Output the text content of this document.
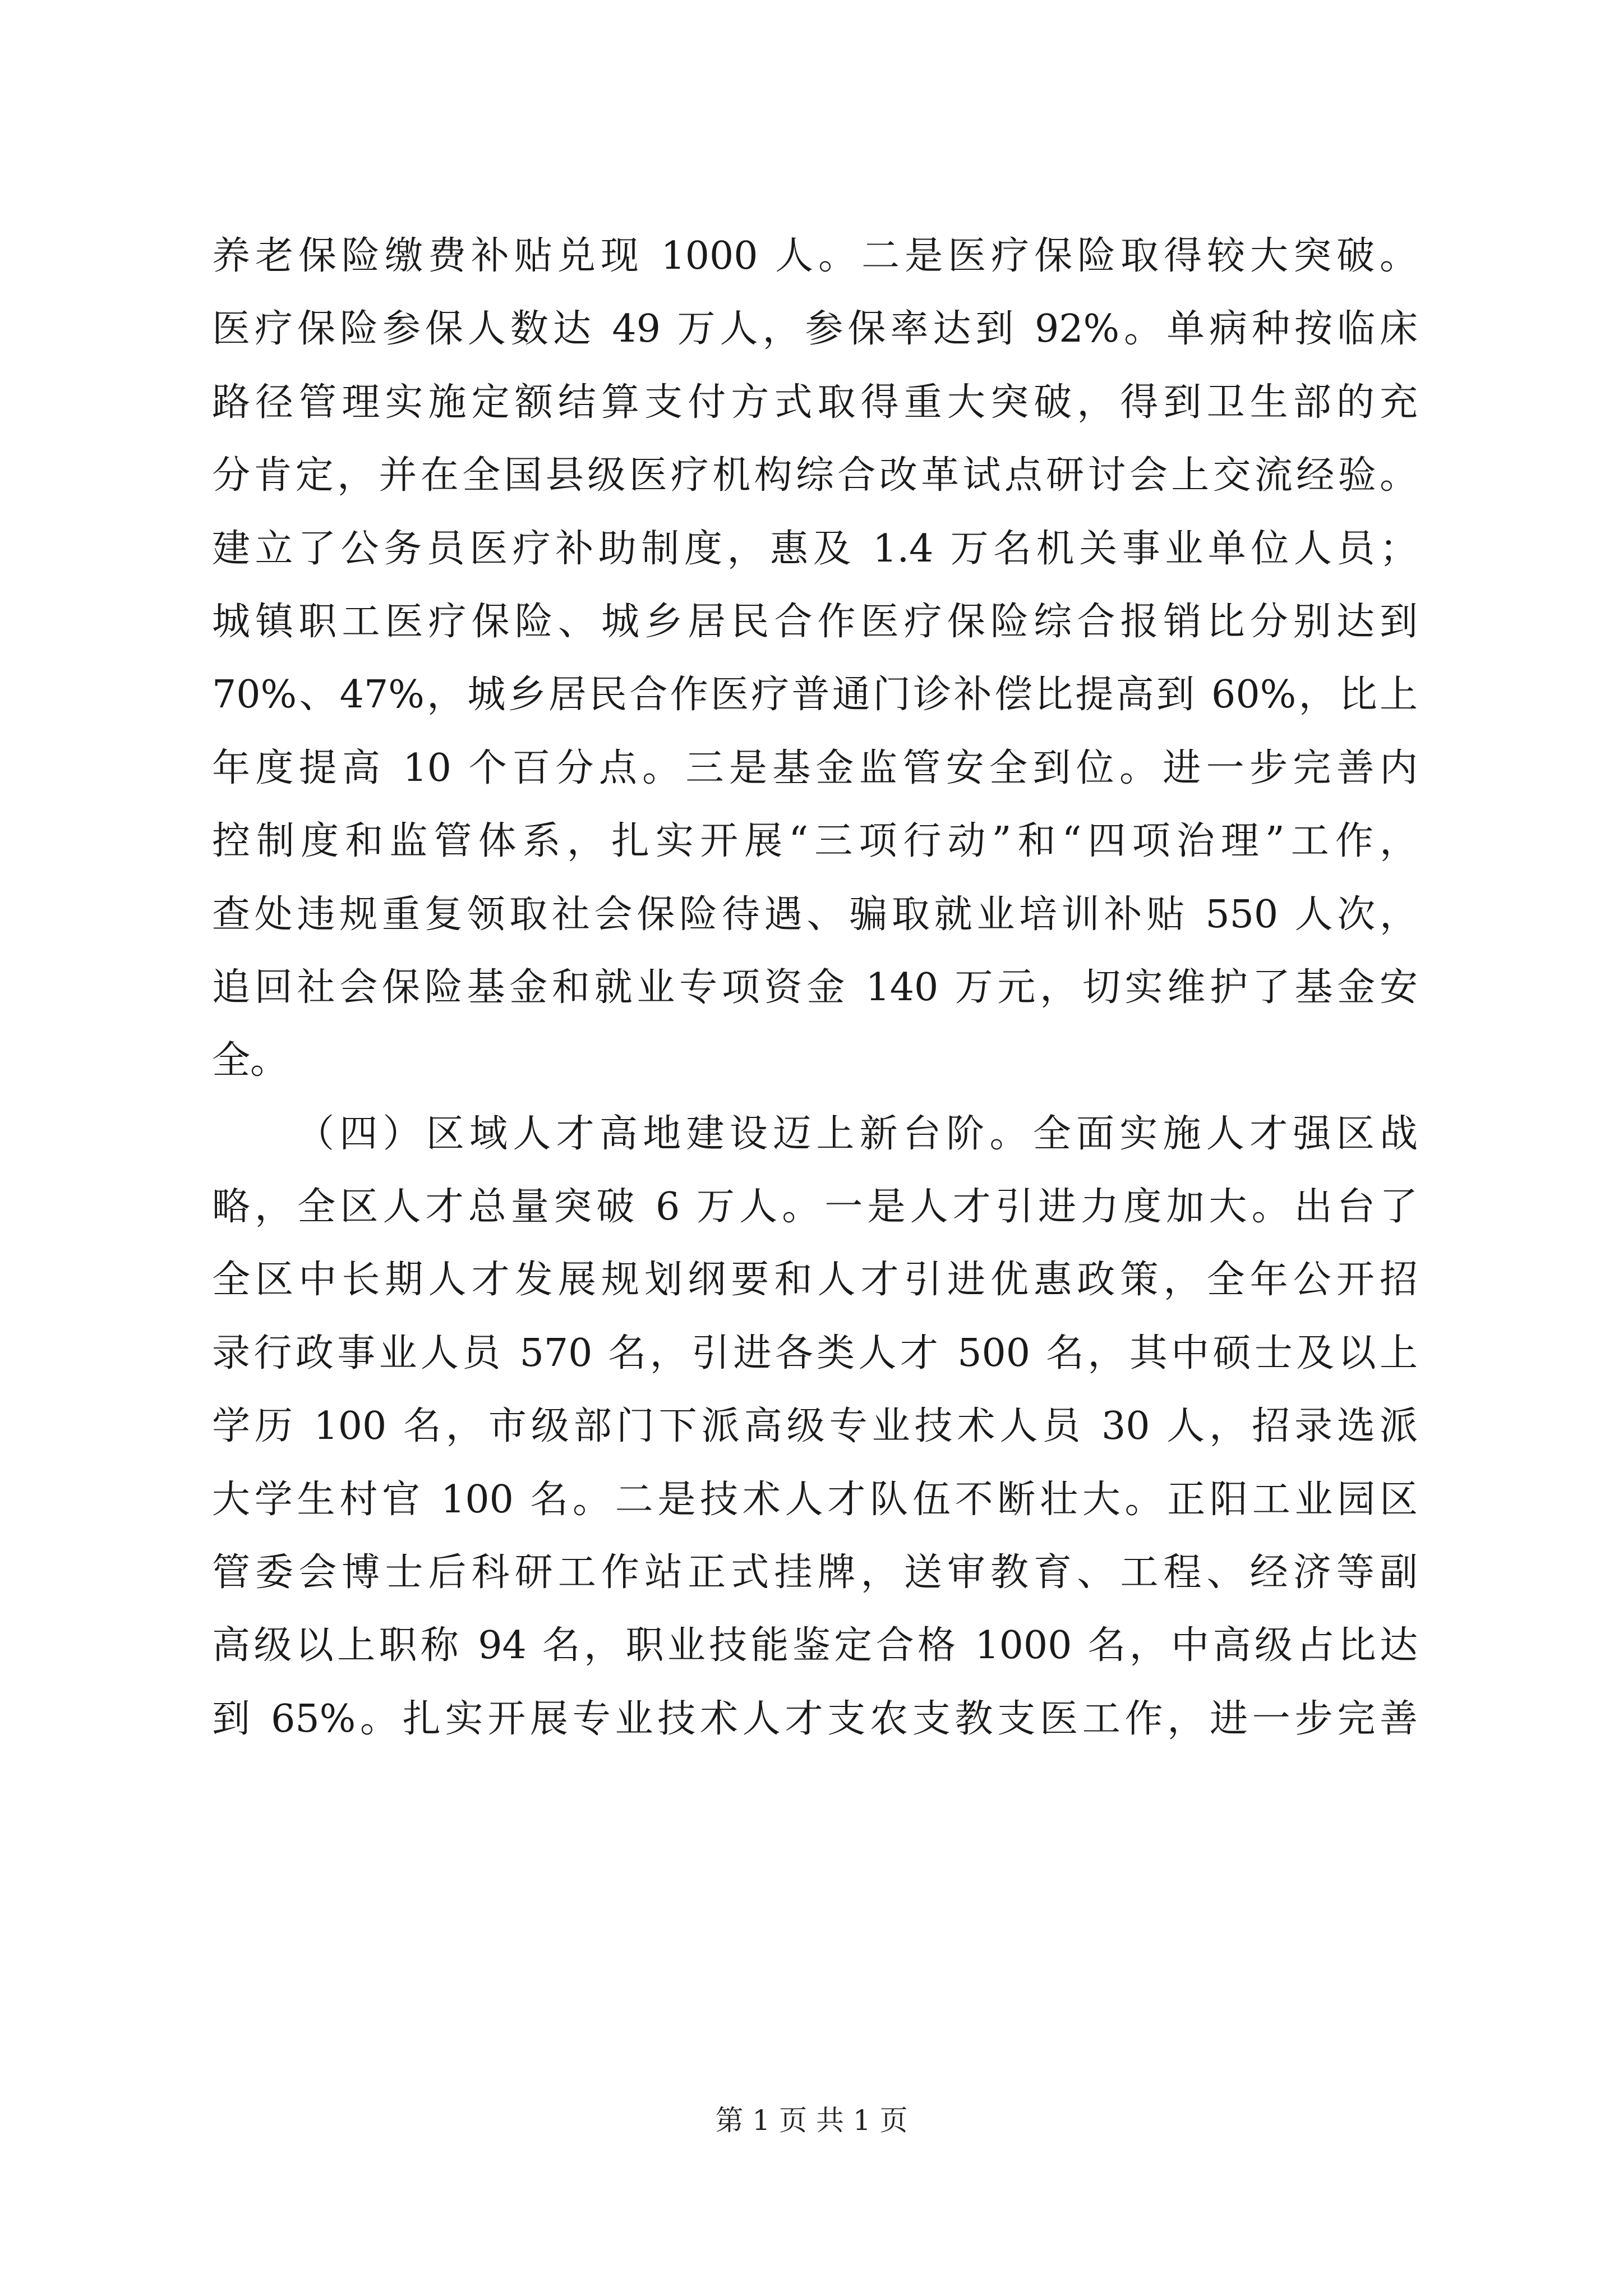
养老保险缴费补贴兑现 1000 人。二是医疗保险取得较大突破。
医疗保险参保人数达 49 万人，参保率达到 92%。单病种按临床
路径管理实施定额结算支付方式取得重大突破，得到卫生部的充
分肯定，并在全国县级医疗机构综合改革试点研讨会上交流经验。
建立了公务员医疗补助制度，惠及 1.4 万名机关事业单位人员；
城镇职工医疗保险、城乡居民合作医疗保险综合报销比分别达到
70%、47%，城乡居民合作医疗普通门诊补偿比提高到 60%，比上
年度提高 10 个百分点。三是基金监管安全到位。进一步完善内
控制度和监管体系，扎实开展“三项行动”和“四项治理”工作，
查处违规重复领取社会保险待遇、骗取就业培训补贴 550 人次，
追回社会保险基金和就业专项资金 140 万元，切实维护了基金安
全。
（四）区域人才高地建设迈上新台阶。全面实施人才强区战
略，全区人才总量突破 6 万人。一是人才引进力度加大。出台了
全区中长期人才发展规划纲要和人才引进优惠政策，全年公开招
录行政事业人员 570 名，引进各类人才 500 名，其中硕士及以上
学历 100 名，市级部门下派高级专业技术人员 30 人，招录选派
大学生村官 100 名。二是技术人才队伍不断壮大。正阳工业园区
管委会博士后科研工作站正式挂牌，送审教育、工程、经济等副
高级以上职称 94 名，职业技能鉴定合格 1000 名，中高级占比达
到 65%。扎实开展专业技术人才支农支教支医工作，进一步完善
第 1 页 共 1 页
